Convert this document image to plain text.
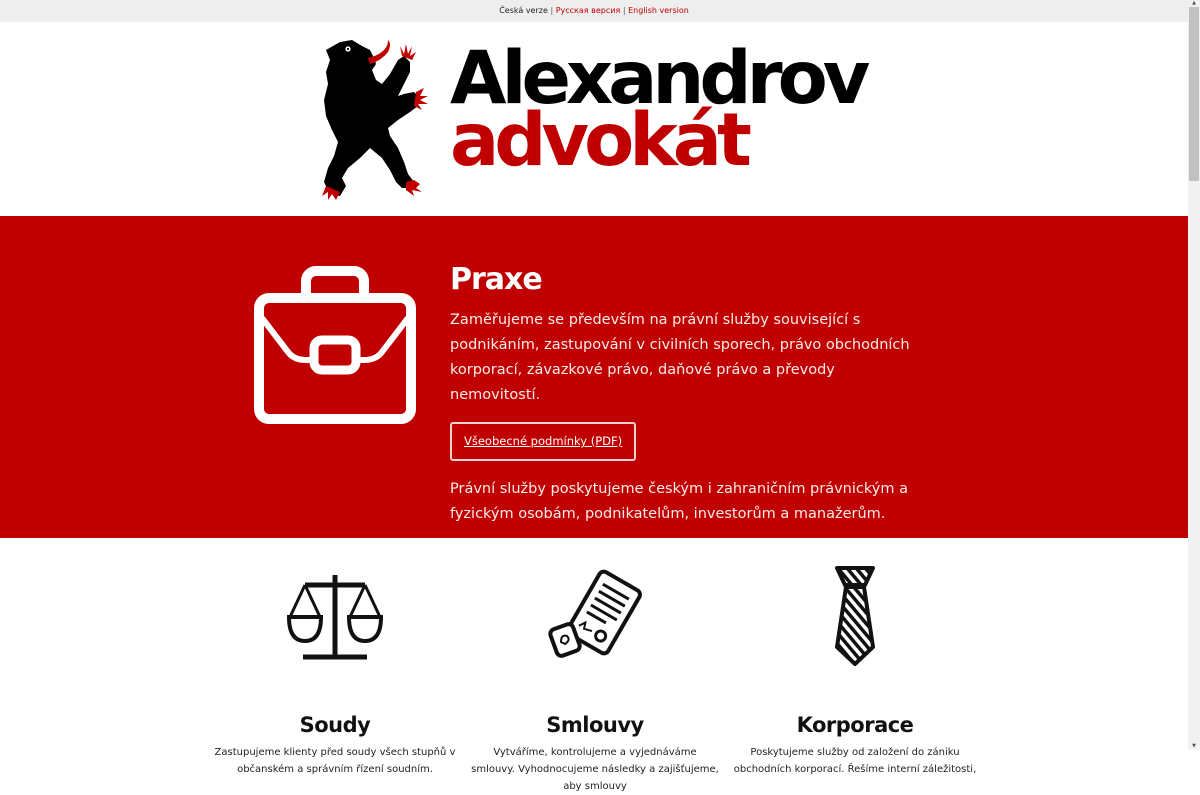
Česká verze | Русская версия | English version
Alexandrov
advokát
Praxe

Zaměřujeme se především na právní služby související s podnikáním, zastupování v civilních sporech, právo obchodních korporací, závazkové právo, daňové právo a převody nemovitostí.

Všeobecné podmínky (PDF)

Právní služby poskytujeme českým i zahraničním právnickým a fyzickým osobám, podnikatelům, investorům a manažerům.

Soudy

Zastupujeme klienty před soudy všech stupňů v občanském a správním řízení soudním.

Smlouvy

Vytváříme, kontrolujeme a vyjednáváme smlouvy. Vyhodnocujeme následky a zajišťujeme, aby smlouvy

Korporace

Poskytujeme služby od založení do zániku obchodních korporací. Řešíme interní záležitosti,

▲
▼
